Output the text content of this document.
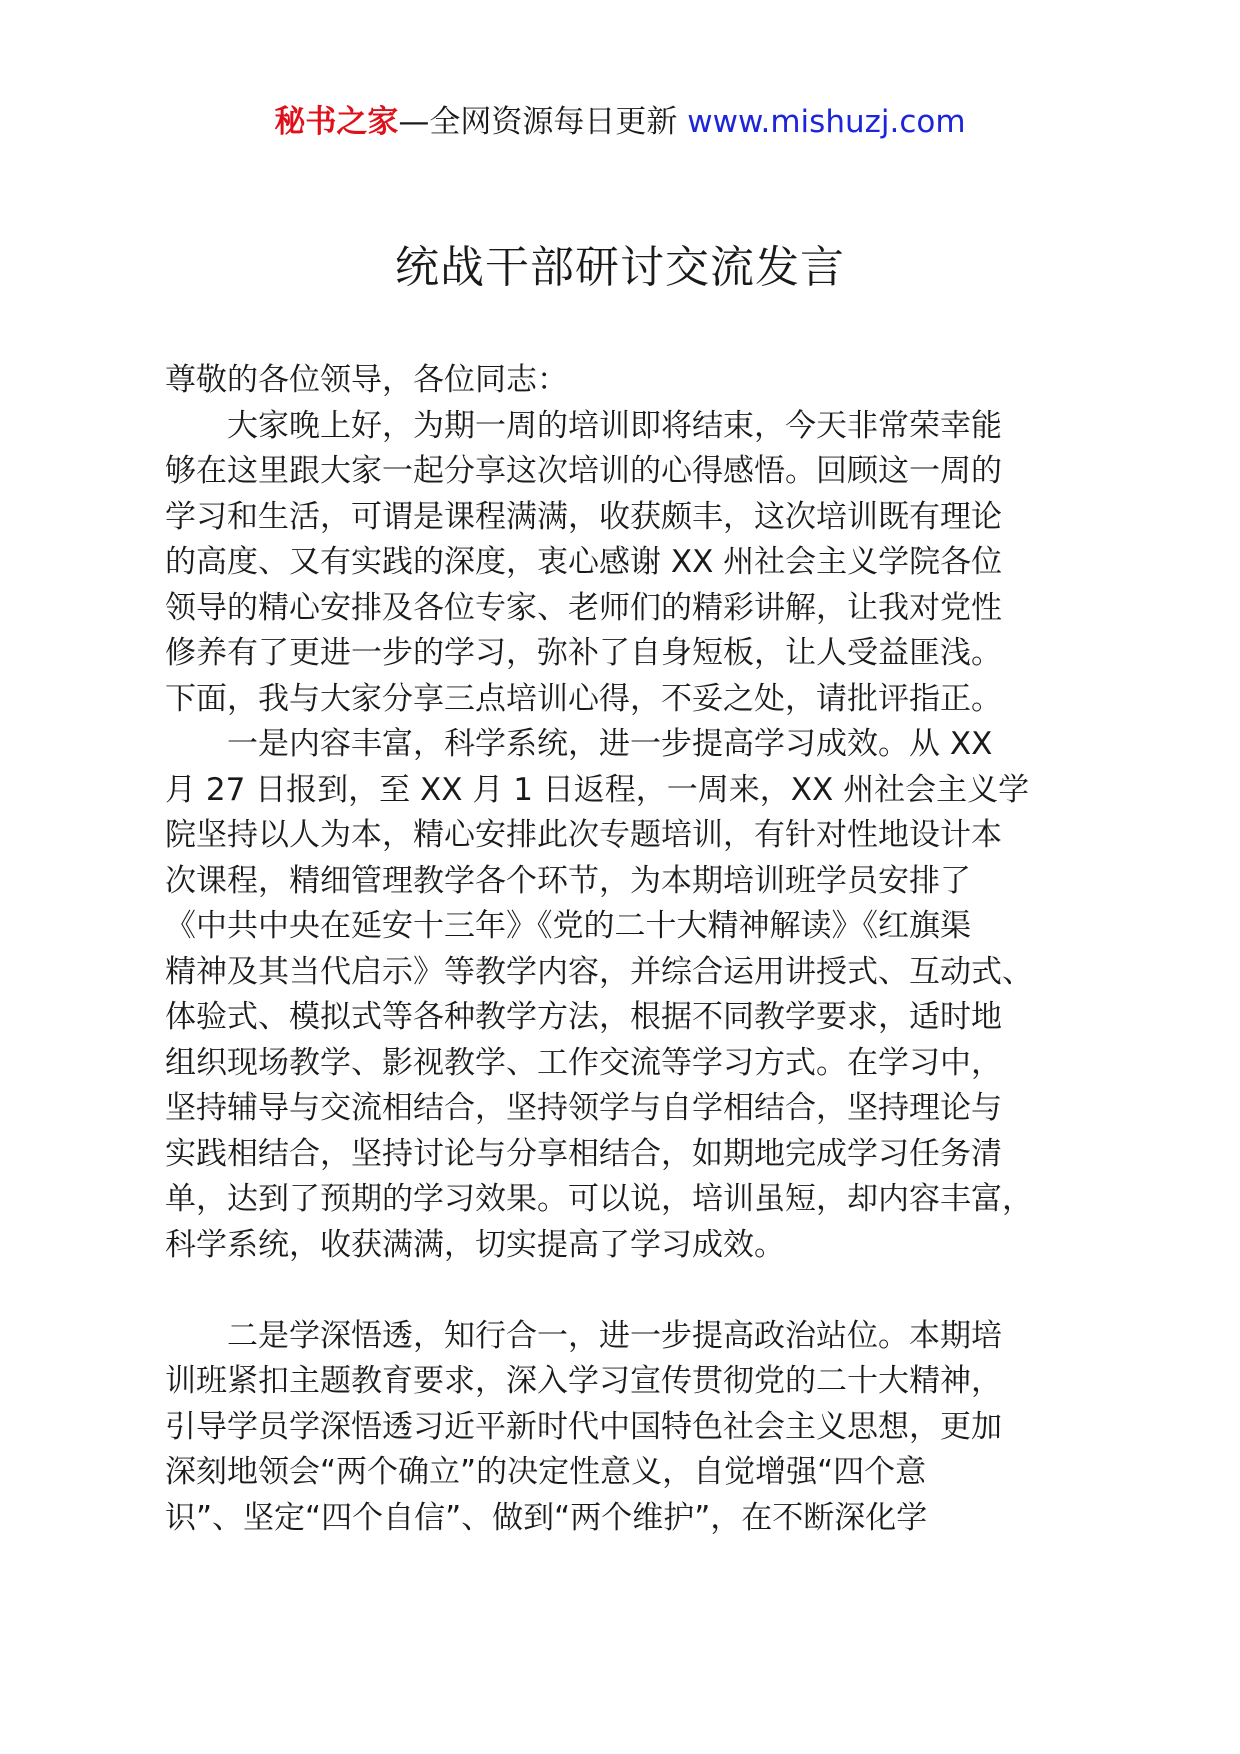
秘书之家—全网资源每日更新 www.mishuzj.com
统战干部研讨交流发言
尊敬的各位领导，各位同志：
　　大家晚上好，为期一周的培训即将结束，今天非常荣幸能
够在这里跟大家一起分享这次培训的心得感悟。回顾这一周的
学习和生活，可谓是课程满满，收获颇丰，这次培训既有理论
的高度、又有实践的深度，衷心感谢 XX 州社会主义学院各位
领导的精心安排及各位专家、老师们的精彩讲解，让我对党性
修养有了更进一步的学习，弥补了自身短板，让人受益匪浅。
下面，我与大家分享三点培训心得，不妥之处，请批评指正。
　　一是内容丰富，科学系统，进一步提高学习成效。从 XX
月 27 日报到，至 XX 月 1 日返程，一周来，XX 州社会主义学
院坚持以人为本，精心安排此次专题培训，有针对性地设计本
次课程，精细管理教学各个环节，为本期培训班学员安排了
《中共中央在延安十三年》《党的二十大精神解读》《红旗渠
精神及其当代启示》等教学内容，并综合运用讲授式、互动式、
体验式、模拟式等各种教学方法，根据不同教学要求，适时地
组织现场教学、影视教学、工作交流等学习方式。在学习中，
坚持辅导与交流相结合，坚持领学与自学相结合，坚持理论与
实践相结合，坚持讨论与分享相结合，如期地完成学习任务清
单，达到了预期的学习效果。可以说，培训虽短，却内容丰富，
科学系统，收获满满，切实提高了学习成效。
　　二是学深悟透，知行合一，进一步提高政治站位。本期培
训班紧扣主题教育要求，深入学习宣传贯彻党的二十大精神，
引导学员学深悟透习近平新时代中国特色社会主义思想，更加
深刻地领会“两个确立”的决定性意义，自觉增强“四个意
识”、坚定“四个自信”、做到“两个维护”，在不断深化学
